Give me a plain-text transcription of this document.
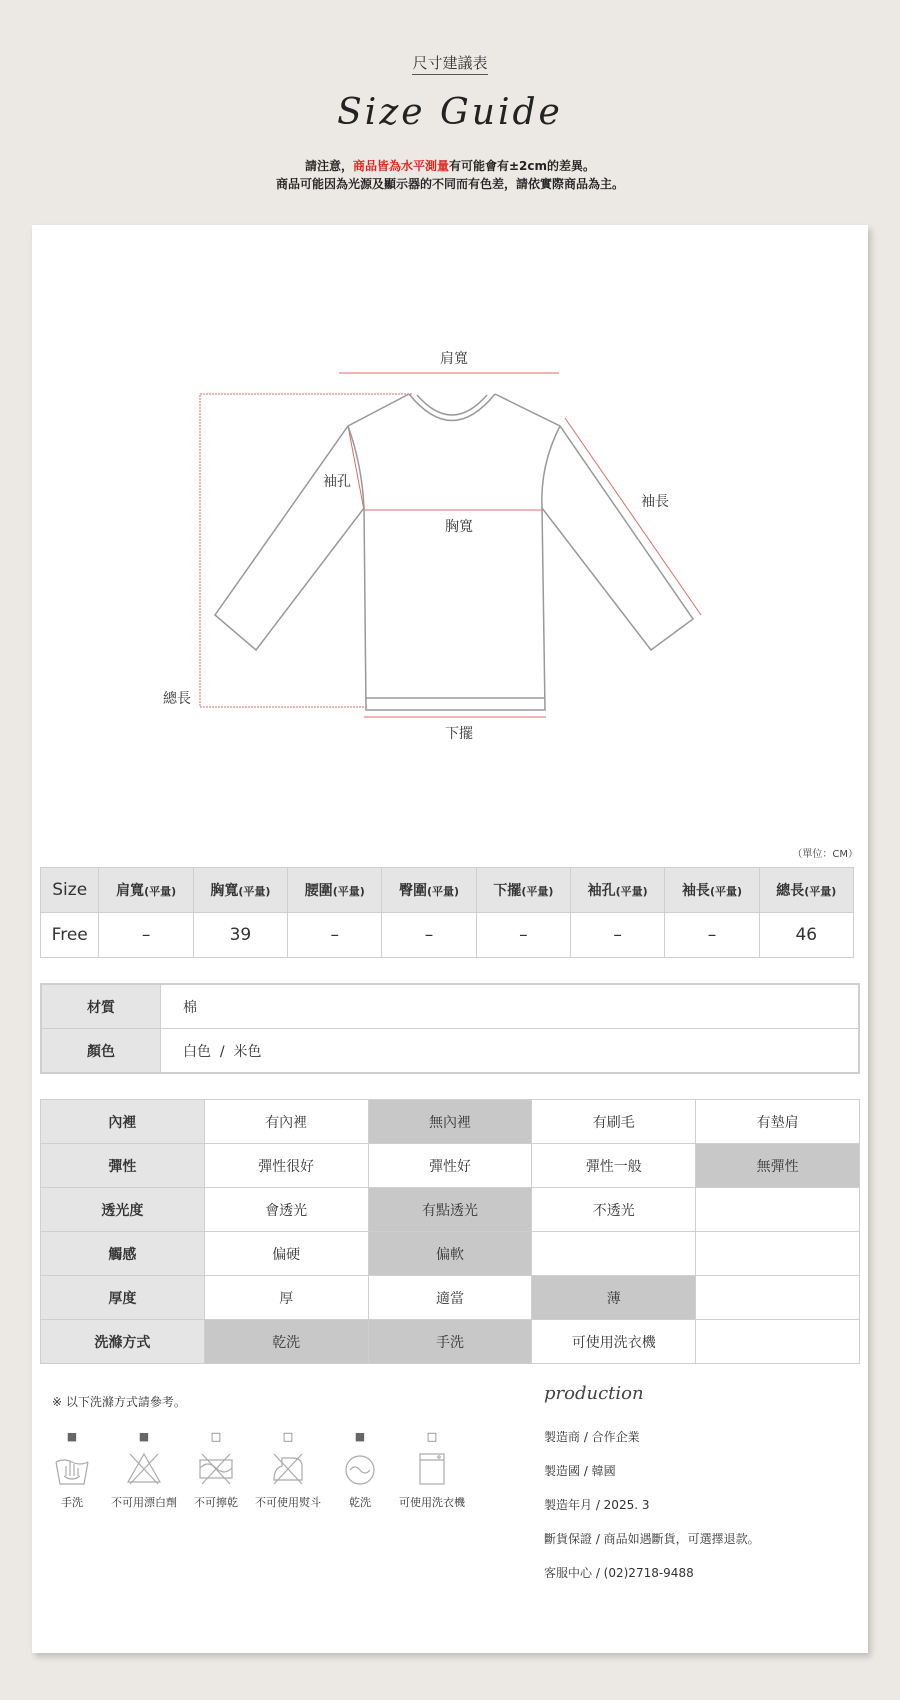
尺寸建議表
Size Guide
請注意，商品皆為水平測量有可能會有±2cm的差異。
商品可能因為光源及顯示器的不同而有色差，請依實際商品為主。
肩寬
袖孔
袖長
胸寬
總長
下擺
（單位：CM）
Size	肩寬(平量)	胸寬(平量)	腰圍(平量)	臀圍(平量)	下擺(平量)	袖孔(平量)	袖長(平量)	總長(平量)
Free	–	39	–	–	–	–	–	46
材質	棉
顏色	白色  /  米色
內裡	有內裡	無內裡	有刷毛	有墊肩
彈性	彈性很好	彈性好	彈性一般	無彈性
透光度	會透光	有點透光	不透光	
觸感	偏硬	偏軟		
厚度	厚	適當	薄	
洗滌方式	乾洗	手洗	可使用洗衣機	
※ 以下洗滌方式請參考。
■
手洗
■
不可用漂白劑
□
不可擰乾
□
不可使用熨斗
■
乾洗
□
可使用洗衣機
production
製造商 / 合作企業
製造國 / 韓國
製造年月 / 2025. 3
斷貨保證 / 商品如遇斷貨，可選擇退款。
客服中心 / (02)2718-9488
